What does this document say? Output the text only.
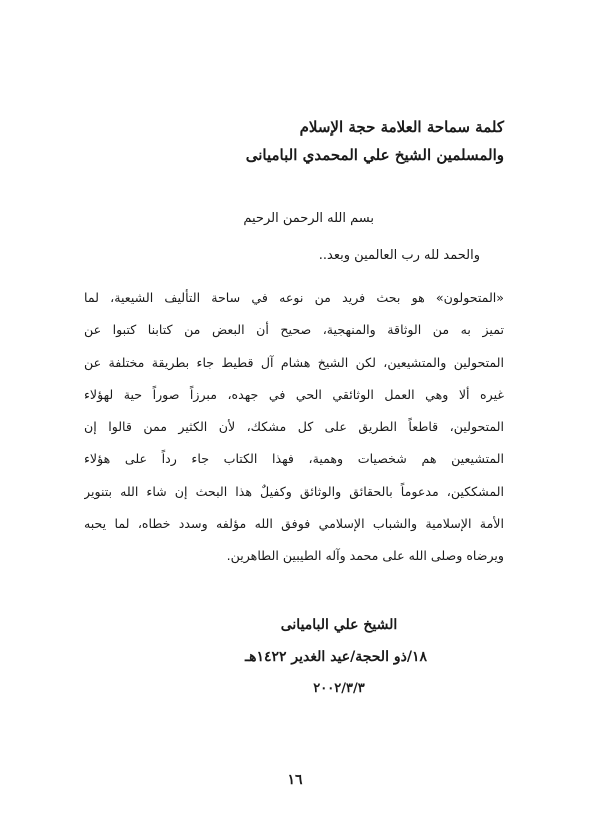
كلمة سماحة العلامة حجة الإسلام
والمسلمين الشيخ علي المحمدي الباميانى
بسم الله الرحمن الرحيم
والحمد لله رب العالمين وبعد..
«المتحولون» هو بحث فريد من نوعه في ساحة التأليف الشيعية، لما
تميز به من الوثاقة والمنهجية، صحيح أن البعض من كتابنا كتبوا عن
المتحولين والمتشيعين، لكن الشيخ هشام آل قطيط جاء بطريقة مختلفة عن
غيره ألا وهي العمل الوثائقي الحي في جهده، مبرزاً صوراً حية لهؤلاء
المتحولين، قاطعاً الطريق على كل مشكك، لأن الكثير ممن قالوا إن
المتشيعين هم شخصيات وهمية، فهذا الكتاب جاء رداً على هؤلاء
المشككين، مدعوماً بالحقائق والوثائق وكفيلٌ هذا البحث إن شاء الله بتنوير
الأمة الإسلامية والشباب الإسلامي فوفق الله مؤلفه وسدد خطاه، لما يحبه
ويرضاه وصلى الله على محمد وآله الطيبين الطاهرين.
الشيخ علي الباميانى
١٨/ذو الحجة/عيد الغدير ١٤٢٢هـ
٢٠٠٢/٣/٣
١٦
